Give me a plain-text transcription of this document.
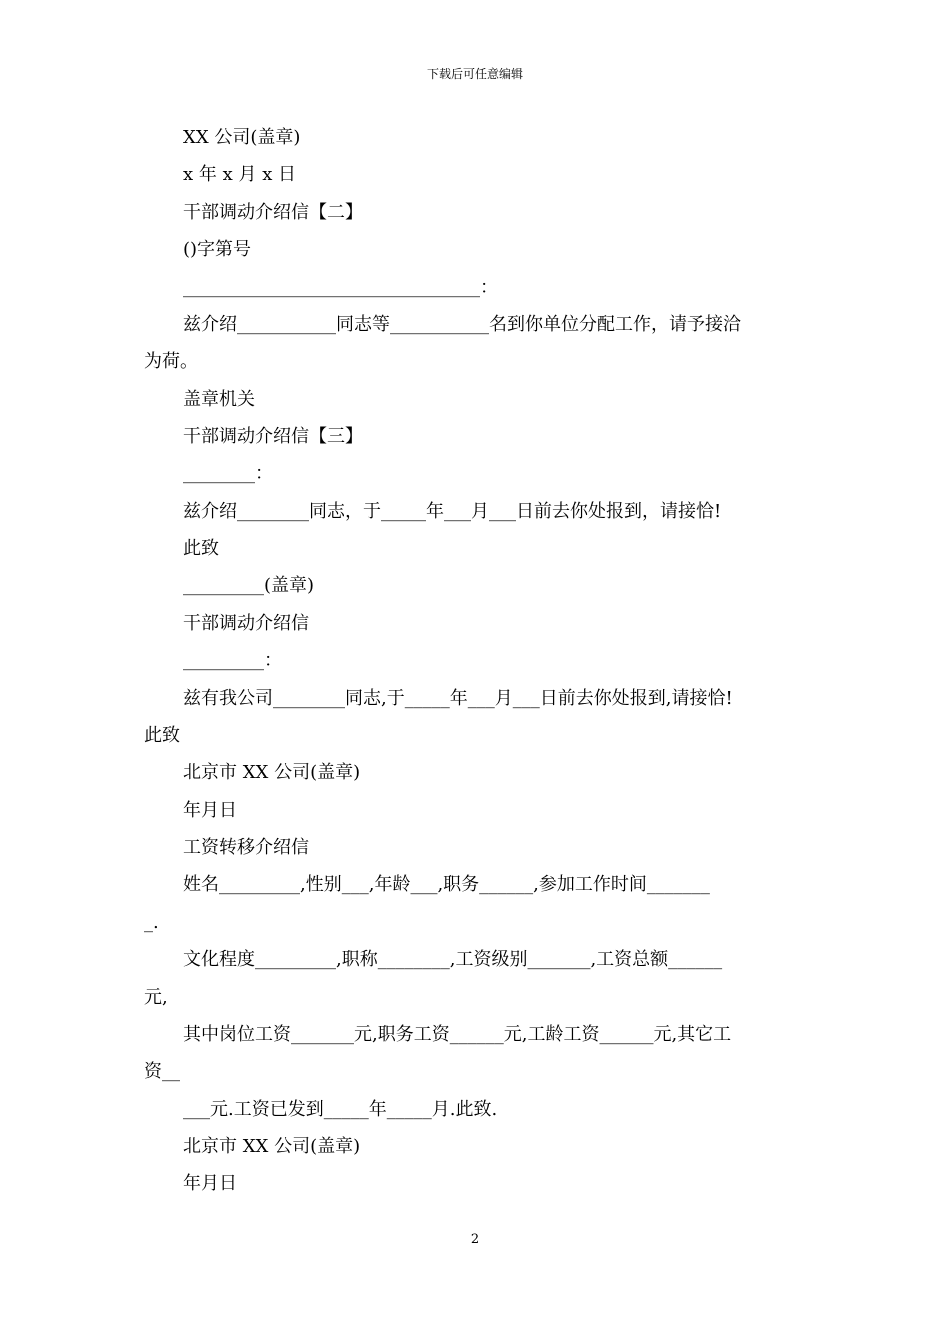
下载后可任意编辑
XX 公司(盖章)
x 年 x 月 x 日
干部调动介绍信【二】
()字第号
_________________________________：
兹介绍___________同志等___________名到你单位分配工作，请予接洽
为荷。
盖章机关
干部调动介绍信【三】
________：
兹介绍________同志，于_____年___月___日前去你处报到，请接恰!
此致
_________(盖章)
干部调动介绍信
_________：
兹有我公司________同志,于_____年___月___日前去你处报到,请接恰!
此致
北京市 XX 公司(盖章)
年月日
工资转移介绍信
姓名_________,性别___,年龄___,职务______,参加工作时间_______
_.
文化程度_________,职称________,工资级别_______,工资总额______
元,
其中岗位工资_______元,职务工资______元,工龄工资______元,其它工
资__
___元.工资已发到_____年_____月.此致.
北京市 XX 公司(盖章)
年月日
2
